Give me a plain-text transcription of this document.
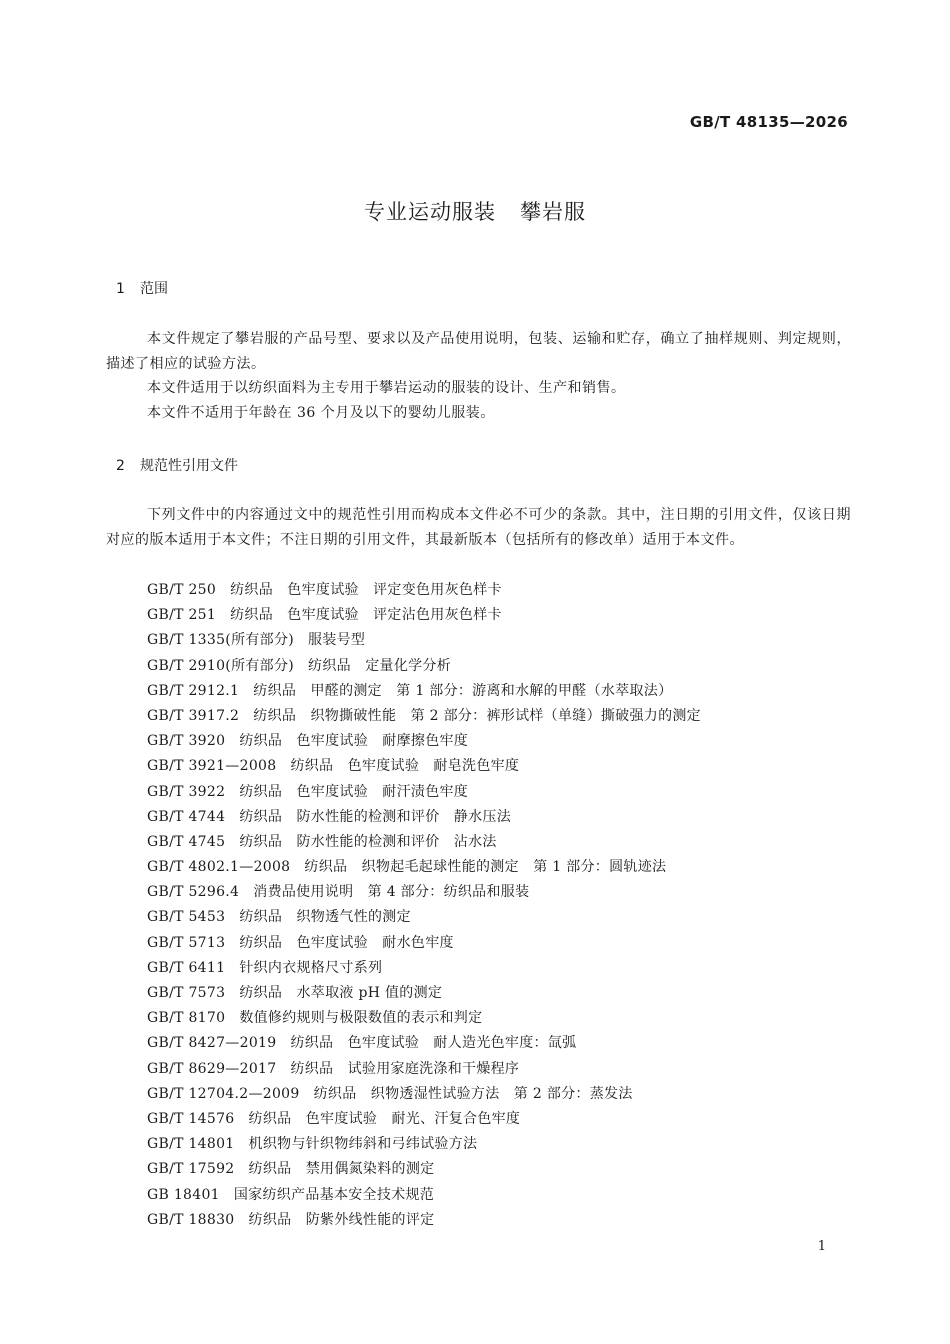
GB/T 48135—2026
专业运动服装 攀岩服
1 范围

本文件规定了攀岩服的产品号型、要求以及产品使用说明，包装、运输和贮存，确立了抽样规则、判定规则，描述了相应的试验方法。

本文件适用于以纺织面料为主专用于攀岩运动的服装的设计、生产和销售。

本文件不适用于年龄在 36 个月及以下的婴幼儿服装。

2 规范性引用文件

下列文件中的内容通过文中的规范性引用而构成本文件必不可少的条款。其中，注日期的引用文件，仅该日期对应的版本适用于本文件；不注日期的引用文件，其最新版本（包括所有的修改单）适用于本文件。

GB/T 250 纺织品　色牢度试验　评定变色用灰色样卡
GB/T 251 纺织品　色牢度试验　评定沾色用灰色样卡
GB/T 1335(所有部分) 服装号型
GB/T 2910(所有部分) 纺织品　定量化学分析
GB/T 2912.1 纺织品　甲醛的测定　第 1 部分：游离和水解的甲醛（水萃取法）
GB/T 3917.2 纺织品　织物撕破性能　第 2 部分：裤形试样（单缝）撕破强力的测定
GB/T 3920 纺织品　色牢度试验　耐摩擦色牢度
GB/T 3921—2008 纺织品　色牢度试验　耐皂洗色牢度
GB/T 3922 纺织品　色牢度试验　耐汗渍色牢度
GB/T 4744 纺织品　防水性能的检测和评价　静水压法
GB/T 4745 纺织品　防水性能的检测和评价　沾水法
GB/T 4802.1—2008 纺织品　织物起毛起球性能的测定　第 1 部分：圆轨迹法
GB/T 5296.4 消费品使用说明　第 4 部分：纺织品和服装
GB/T 5453 纺织品　织物透气性的测定
GB/T 5713 纺织品　色牢度试验　耐水色牢度
GB/T 6411 针织内衣规格尺寸系列
GB/T 7573 纺织品　水萃取液 pH 值的测定
GB/T 8170 数值修约规则与极限数值的表示和判定
GB/T 8427—2019 纺织品　色牢度试验　耐人造光色牢度：氙弧
GB/T 8629—2017 纺织品　试验用家庭洗涤和干燥程序
GB/T 12704.2—2009 纺织品　织物透湿性试验方法　第 2 部分：蒸发法
GB/T 14576 纺织品　色牢度试验　耐光、汗复合色牢度
GB/T 14801 机织物与针织物纬斜和弓纬试验方法
GB/T 17592 纺织品　禁用偶氮染料的测定
GB 18401 国家纺织产品基本安全技术规范
GB/T 18830 纺织品　防紫外线性能的评定
1
